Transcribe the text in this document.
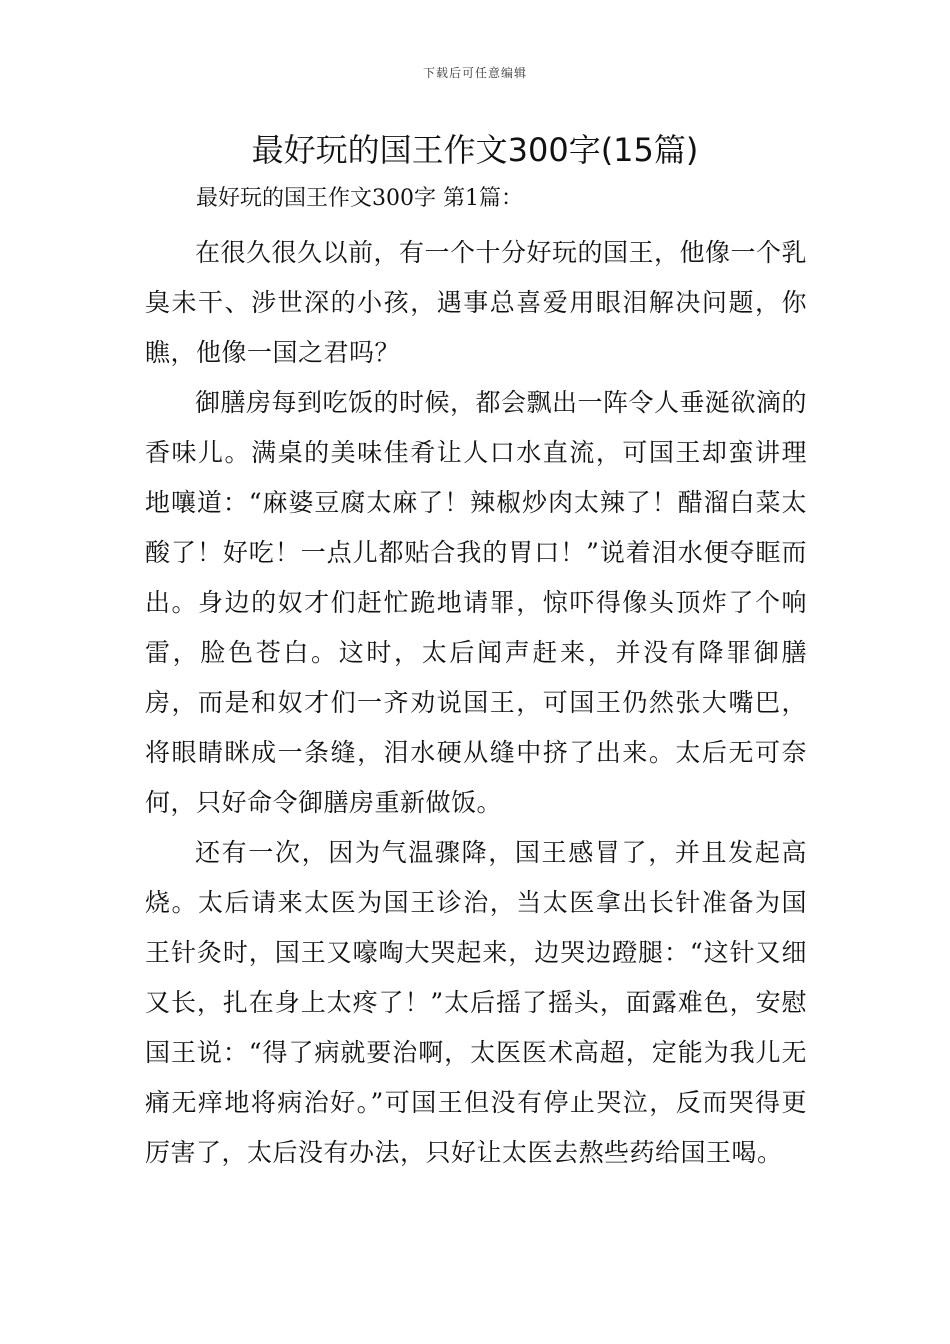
下载后可任意编辑
最好玩的国王作文300字(15篇)
最好玩的国王作文300字 第1篇：

在很久很久以前，有一个十分好玩的国王，他像一个乳臭未干、涉世深的小孩，遇事总喜爱用眼泪解决问题，你瞧，他像一国之君吗？

御膳房每到吃饭的时候，都会飘出一阵令人垂涎欲滴的香味儿。满桌的美味佳肴让人口水直流，可国王却蛮讲理地嚷道：“麻婆豆腐太麻了！辣椒炒肉太辣了！醋溜白菜太酸了！好吃！一点儿都贴合我的胃口！”说着泪水便夺眶而出。身边的奴才们赶忙跪地请罪，惊吓得像头顶炸了个响雷，脸色苍白。这时，太后闻声赶来，并没有降罪御膳房，而是和奴才们一齐劝说国王，可国王仍然张大嘴巴，将眼睛眯成一条缝，泪水硬从缝中挤了出来。太后无可奈何，只好命令御膳房重新做饭。

还有一次，因为气温骤降，国王感冒了，并且发起高烧。太后请来太医为国王诊治，当太医拿出长针准备为国王针灸时，国王又嚎啕大哭起来，边哭边蹬腿：“这针又细又长，扎在身上太疼了！”太后摇了摇头，面露难色，安慰国王说：“得了病就要治啊，太医医术高超，定能为我儿无痛无痒地将病治好。”可国王但没有停止哭泣，反而哭得更厉害了，太后没有办法，只好让太医去熬些药给国王喝。
